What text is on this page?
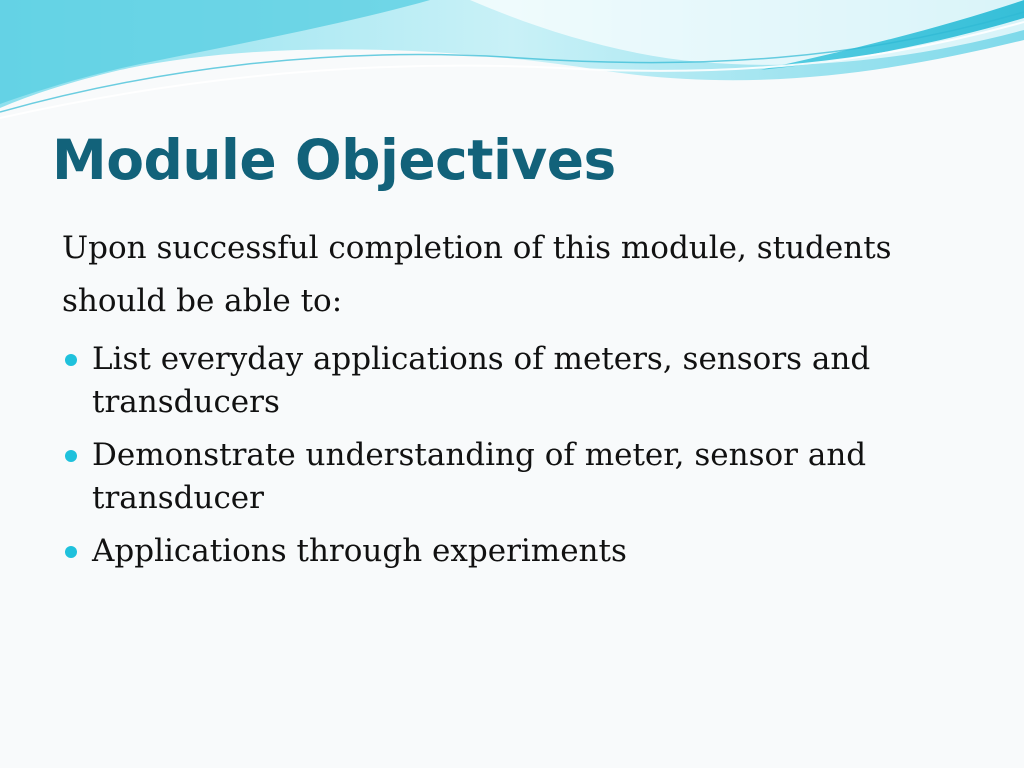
Module Objectives

Upon successful completion of this module, students should be able to:

List everyday applications of meters, sensors and transducers
Demonstrate understanding of meter, sensor and transducer
Applications through experiments
